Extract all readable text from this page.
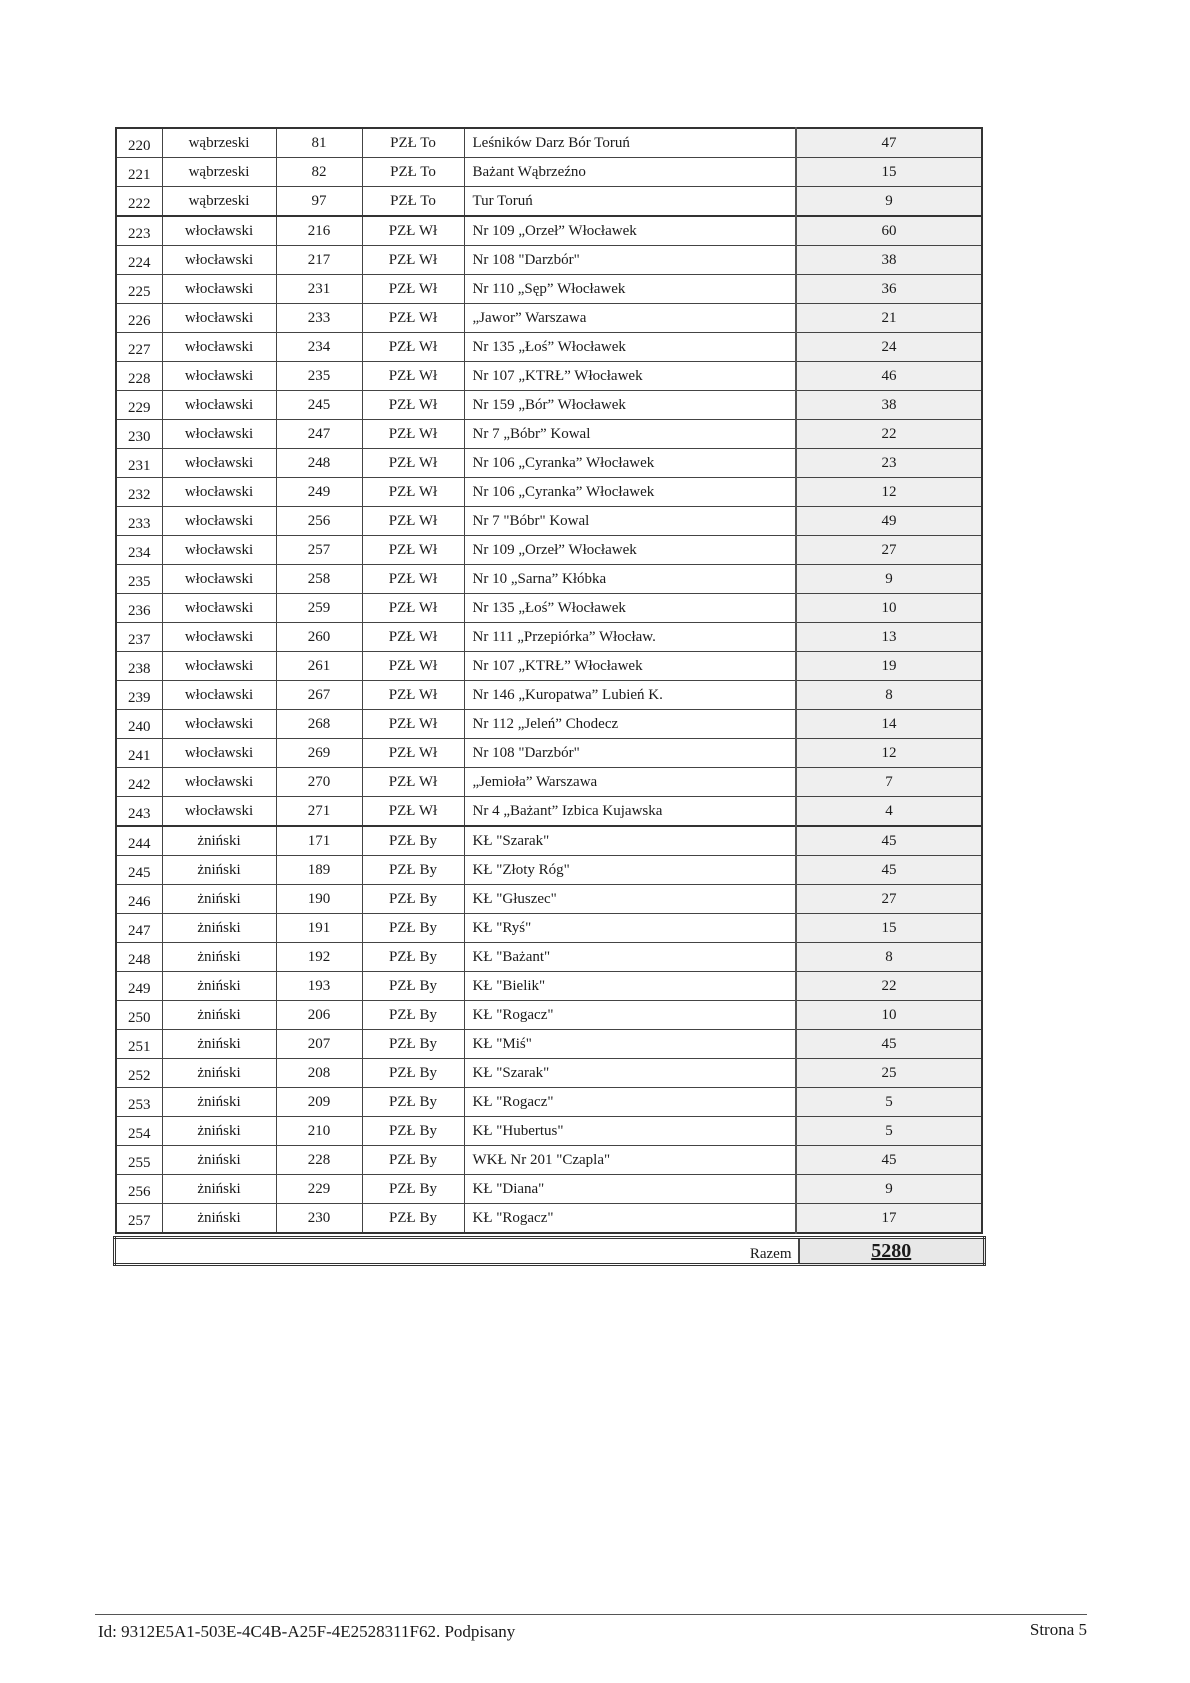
220	wąbrzeski	81	PZŁ To	Leśników Darz Bór Toruń	47
221	wąbrzeski	82	PZŁ To	Bażant Wąbrzeźno	15
222	wąbrzeski	97	PZŁ To	Tur Toruń	9
223	włocławski	216	PZŁ Wł	Nr 109 „Orzeł” Włocławek	60
224	włocławski	217	PZŁ Wł	Nr 108 "Darzbór"	38
225	włocławski	231	PZŁ Wł	Nr 110 „Sęp” Włocławek	36
226	włocławski	233	PZŁ Wł	„Jawor” Warszawa	21
227	włocławski	234	PZŁ Wł	Nr 135 „Łoś” Włocławek	24
228	włocławski	235	PZŁ Wł	Nr 107 „KTRŁ” Włocławek	46
229	włocławski	245	PZŁ Wł	Nr 159 „Bór” Włocławek	38
230	włocławski	247	PZŁ Wł	Nr 7 „Bóbr” Kowal	22
231	włocławski	248	PZŁ Wł	Nr 106 „Cyranka” Włocławek	23
232	włocławski	249	PZŁ Wł	Nr 106 „Cyranka” Włocławek	12
233	włocławski	256	PZŁ Wł	Nr 7 "Bóbr" Kowal	49
234	włocławski	257	PZŁ Wł	Nr 109 „Orzeł” Włocławek	27
235	włocławski	258	PZŁ Wł	Nr 10 „Sarna” Kłóbka	9
236	włocławski	259	PZŁ Wł	Nr 135 „Łoś” Włocławek	10
237	włocławski	260	PZŁ Wł	Nr 111 „Przepiórka” Włocław.	13
238	włocławski	261	PZŁ Wł	Nr 107 „KTRŁ” Włocławek	19
239	włocławski	267	PZŁ Wł	Nr 146 „Kuropatwa” Lubień K.	8
240	włocławski	268	PZŁ Wł	Nr 112 „Jeleń” Chodecz	14
241	włocławski	269	PZŁ Wł	Nr 108 "Darzbór"	12
242	włocławski	270	PZŁ Wł	„Jemioła” Warszawa	7
243	włocławski	271	PZŁ Wł	Nr 4 „Bażant” Izbica Kujawska	4
244	żniński	171	PZŁ By	KŁ "Szarak"	45
245	żniński	189	PZŁ By	KŁ "Złoty Róg"	45
246	żniński	190	PZŁ By	KŁ "Głuszec"	27
247	żniński	191	PZŁ By	KŁ "Ryś"	15
248	żniński	192	PZŁ By	KŁ "Bażant"	8
249	żniński	193	PZŁ By	KŁ "Bielik"	22
250	żniński	206	PZŁ By	KŁ "Rogacz"	10
251	żniński	207	PZŁ By	KŁ "Miś"	45
252	żniński	208	PZŁ By	KŁ "Szarak"	25
253	żniński	209	PZŁ By	KŁ "Rogacz"	5
254	żniński	210	PZŁ By	KŁ "Hubertus"	5
255	żniński	228	PZŁ By	WKŁ Nr 201 "Czapla"	45
256	żniński	229	PZŁ By	KŁ "Diana"	9
257	żniński	230	PZŁ By	KŁ "Rogacz"	17
Razem	5280
Id: 9312E5A1-503E-4C4B-A25F-4E2528311F62. Podpisany	Strona 5
